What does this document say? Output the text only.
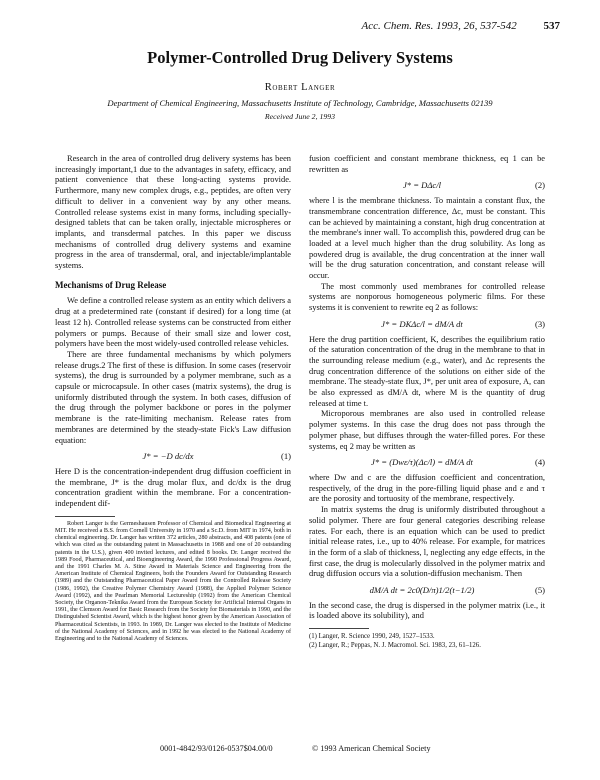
Acc. Chem. Res. 1993, 26, 537-542 537
Polymer-Controlled Drug Delivery Systems
Robert Langer
Department of Chemical Engineering, Massachusetts Institute of Technology, Cambridge, Massachusetts 02139
Received June 2, 1993

Research in the area of controlled drug delivery systems has been increasingly important,1 due to the advantages in safety, efficacy, and patient convenience that these long-acting systems provide. Furthermore, many new complex drugs, e.g., peptides, are often very difficult to deliver in a convenient way by any other means. Controlled release systems exist in many forms, including specially-designed tablets that can be taken orally, injectable microspheres or implants, and transdermal patches. In this paper we discuss mechanisms of controlled drug delivery systems and examine progress in the area of transdermal, oral, and injectable/implantable systems.

Mechanisms of Drug Release

We define a controlled release system as an entity which delivers a drug at a predetermined rate (constant if desired) for a long time (at least 12 h). Controlled release systems can be constructed from either polymers or pumps. Because of their small size and lower cost, polymers have been the most widely-used controlled release vehicles.

There are three fundamental mechanisms by which polymers release drugs.2 The first of these is diffusion. In some cases (reservoir systems), the drug is surrounded by a polymer membrane, such as a capsule or microcapsule. In other cases (matrix systems), the drug is uniformly distributed through the system. In both cases, diffusion of the drug through the polymer backbone or pores in the polymer membrane is the rate-limiting mechanism. Release rates from membranes are determined by the steady-state Fick's Law diffusion equation:

J* = −D dc/dx	(1)

Here D is the concentration-independent drug diffusion coefficient in the membrane, J* is the drug molar flux, and dc/dx is the drug concentration gradient within the membrane. For a concentration-independent dif-

Robert Langer is the Germeshausen Professor of Chemical and Biomedical Engineering at MIT. He received a B.S. from Cornell University in 1970 and a Sc.D. from MIT in 1974, both in chemical engineering. Dr. Langer has written 372 articles, 280 abstracts, and 408 patents (one of which was cited as the outstanding patent in Massachusetts in 1988 and one of 20 outstanding patents in the U.S.), given 400 invited lectures, and edited 8 books. Dr. Langer received the 1989 Food, Pharmaceutical, and Bioengineering Award, the 1990 Professional Progress Award, and the 1991 Charles M. A. Stine Award in Materials Science and Engineering from the American Institute of Chemical Engineers, both the Founders Award for Outstanding Research (1989) and the Outstanding Pharmaceutical Paper Award from the Controlled Release Society (1986, 1992), the Creative Polymer Chemistry Award (1988), the Applied Polymer Science Award (1992), and the Pearlman Memorial Lectureship (1992) from the American Chemical Society, the Organon-Teknika Award from the European Society for Artificial Internal Organs in 1991, the Clemson Award for Basic Research from the Society for Biomaterials in 1990, and the Distinguished Scientist Award, which is the highest honor given by the American Association of Pharmaceutical Scientists, in 1993. In 1989, Dr. Langer was elected to the Institute of Medicine of the National Academy of Sciences, and in 1992 he was elected to the National Academy of Engineering and to the National Academy of Sciences.

fusion coefficient and constant membrane thickness, eq 1 can be rewritten as

J* = DΔc/l	(2)

where l is the membrane thickness. To maintain a constant flux, the transmembrane concentration difference, Δc, must be constant. This can be achieved by maintaining a constant, high drug concentration at the membrane's inner wall. To accomplish this, powdered drug can be loaded at a level much higher than the drug solubility. As long as powdered drug is available, the drug concentration at the inner wall will be the drug saturation concentration, and constant release will occur.

The most commonly used membranes for controlled release systems are nonporous homogeneous polymeric films. For these systems it is convenient to rewrite eq 2 as follows:

J* = DKΔc/l = dM/A dt	(3)

Here the drug partition coefficient, K, describes the equilibrium ratio of the saturation concentration of the drug in the membrane to that in the surrounding release medium (e.g., water), and Δc represents the drug concentration difference of the solutions on either side of the membrane. The steady-state flux, J*, per unit area of exposure, A, can be also expressed as dM/A dt, where M is the quantity of drug released at time t.

Microporous membranes are also used in controlled release polymer systems. In this case the drug does not pass through the polymer phase, but diffuses through the water-filled pores. For these systems, eq 2 may be written as

J* = (Dwε/τ)(Δc/l) = dM/A dt	(4)

where Dw and c are the diffusion coefficient and concentration, respectively, of the drug in the pore-filling liquid phase and ε and τ are the porosity and tortuosity of the membrane, respectively.

In matrix systems the drug is uniformly distributed throughout a solid polymer. There are four general categories describing release rates. For each, there is an equation which can be used to predict initial release rates, i.e., up to 40% release. For example, for matrices in the form of a slab of thickness, l, neglecting any edge effects, in the first case, the drug is molecularly dissolved in the polymer matrix and drug diffusion occurs via a solution-diffusion mechanism. Then

dM/A dt = 2c0(D/π)1/2(t−1/2)	(5)

In the second case, the drug is dispersed in the polymer matrix (i.e., it is loaded above its solubility), and

(1) Langer, R. Science 1990, 249, 1527–1533.
(2) Langer, R.; Peppas, N. J. Macromol. Sci. 1983, 23, 61–126.
0001-4842/93/0126-0537$04.00/0	© 1993 American Chemical Society
